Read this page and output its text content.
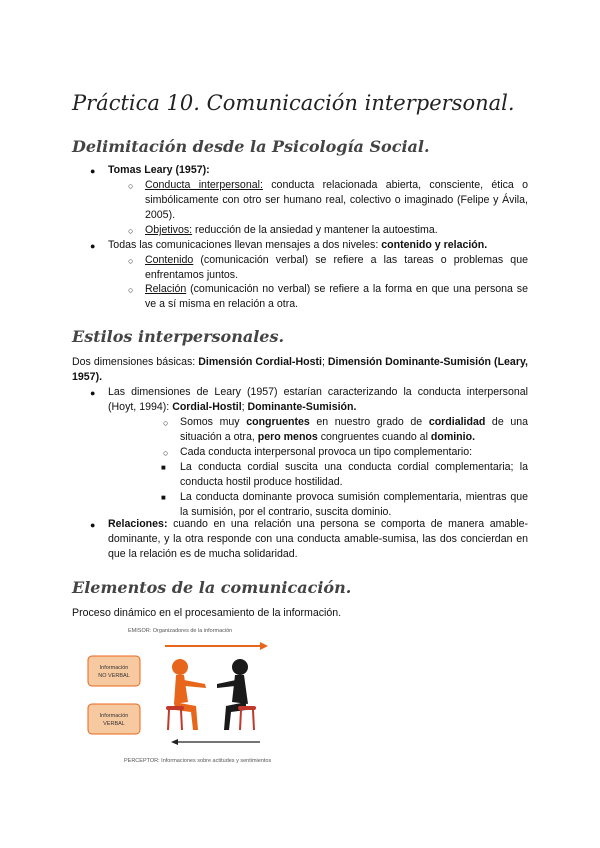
Práctica 10. Comunicación interpersonal.
Delimitación desde la Psicología Social.
● Tomas Leary (1957):
○ Conducta interpersonal: conducta relacionada abierta, consciente, ética o simbólicamente con otro ser humano real, colectivo o imaginado (Felipe y Ávila, 2005).
○ Objetivos: reducción de la ansiedad y mantener la autoestima.
● Todas las comunicaciones llevan mensajes a dos niveles: contenido y relación.
○ Contenido (comunicación verbal) se refiere a las tareas o problemas que enfrentamos juntos.
○ Relación (comunicación no verbal) se refiere a la forma en que una persona se ve a sí misma en relación a otra.
Estilos interpersonales.
Dos dimensiones básicas: Dimensión Cordial-Hosti; Dimensión Dominante-Sumisión (Leary, 1957).
● Las dimensiones de Leary (1957) estarían caracterizando la conducta interpersonal (Hoyt, 1994): Cordial-Hostil; Dominante-Sumisión.
○ Somos muy congruentes en nuestro grado de cordialidad de una situación a otra, pero menos congruentes cuando al dominio.
○ Cada conducta interpersonal provoca un tipo complementario:
■ La conducta cordial suscita una conducta cordial complementaria; la conducta hostil produce hostilidad.
■ La conducta dominante provoca sumisión complementaria, mientras que la sumisión, por el contrario, suscita dominio.
● Relaciones: cuando en una relación una persona se comporta de manera amable-dominante, y la otra responde con una conducta amable-sumisa, las dos concierdan en que la relación es de mucha solidaridad.
Elementos de la comunicación.
Proceso dinámico en el procesamiento de la información.
EMISOR: Organizadores de la información
Información
NO VERBAL
Información
VERBAL
PERCEPTOR: Informaciones sobre actitudes y sentimientos
